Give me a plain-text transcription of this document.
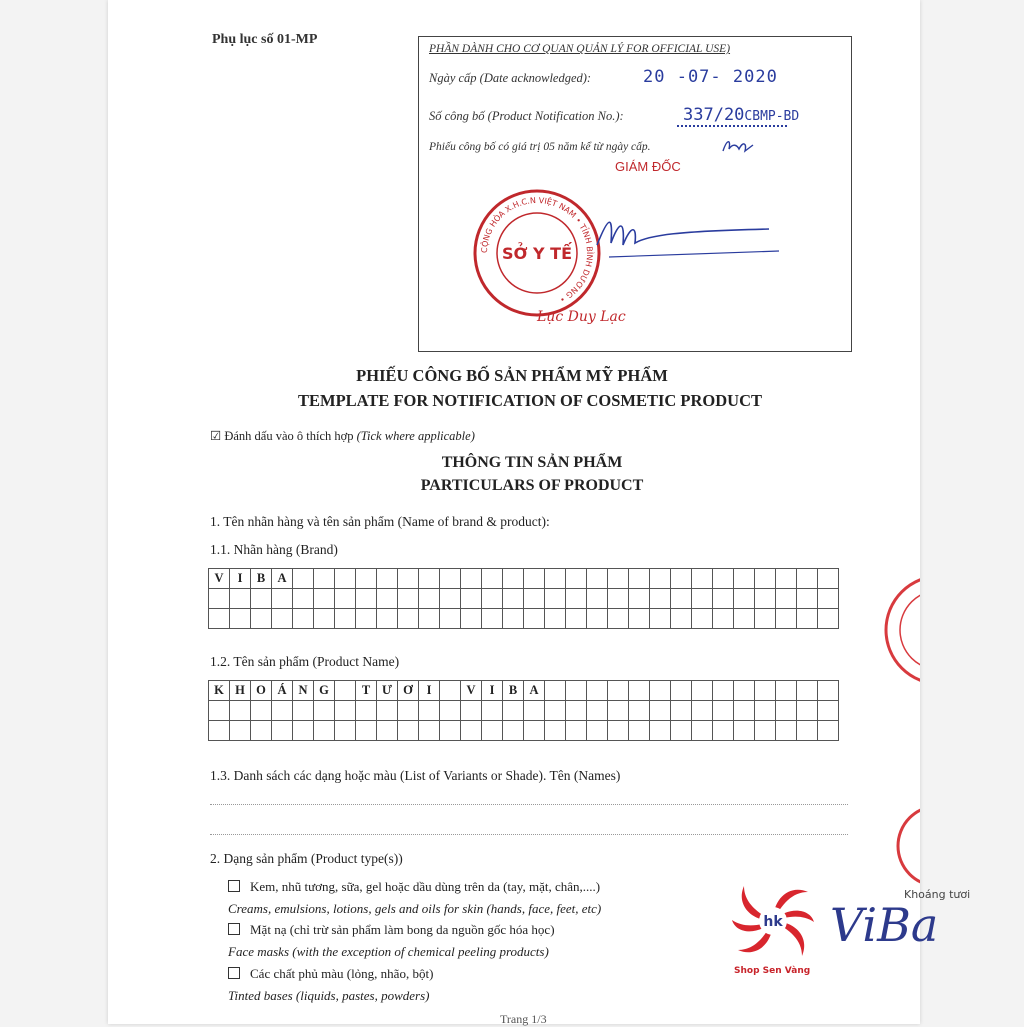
Phụ lục số 01-MP
PHẦN DÀNH CHO CƠ QUAN QUẢN LÝ FOR OFFICIAL USE)
Ngày cấp (Date acknowledged):	20 -07- 2020
Số công bố (Product Notification No.):	337/20CBMP-BD
Phiếu công bố có giá trị 05 năm kể từ ngày cấp.
GIÁM ĐỐC
CỘNG HÒA X.H.C.N VIỆT NAM • TỈNH BÌNH DƯƠNG •
SỞ Y TẾ
Lục Duy Lạc
PHIẾU CÔNG BỐ SẢN PHẨM MỸ PHẨM
TEMPLATE FOR NOTIFICATION OF COSMETIC PRODUCT
☑ Đánh dấu vào ô thích hợp (Tick where applicable)
THÔNG TIN SẢN PHẨM
PARTICULARS OF PRODUCT
1. Tên nhãn hàng và tên sản phẩm (Name of brand & product):
1.1. Nhãn hàng (Brand)
V	I	B	A																										

1.2. Tên sản phẩm (Product Name)
K	H	O	Á	N	G		T	Ư	Ơ	I		V	I	B	A														

1.3. Danh sách các dạng hoặc màu (List of Variants or Shade). Tên (Names)
2. Dạng sản phẩm (Product type(s))
Kem, nhũ tương, sữa, gel hoặc dầu dùng trên da (tay, mặt, chân,....)
Creams, emulsions, lotions, gels and oils for skin (hands, face, feet, etc)
Mặt nạ (chỉ trừ sản phẩm làm bong da nguồn gốc hóa học)
Face masks (with the exception of chemical peeling products)
Các chất phủ màu (lỏng, nhão, bột)
Tinted bases (liquids, pastes, powders)
Trang 1/3
hk
Shop Sen Vàng
Khoáng tươi
ViBa
